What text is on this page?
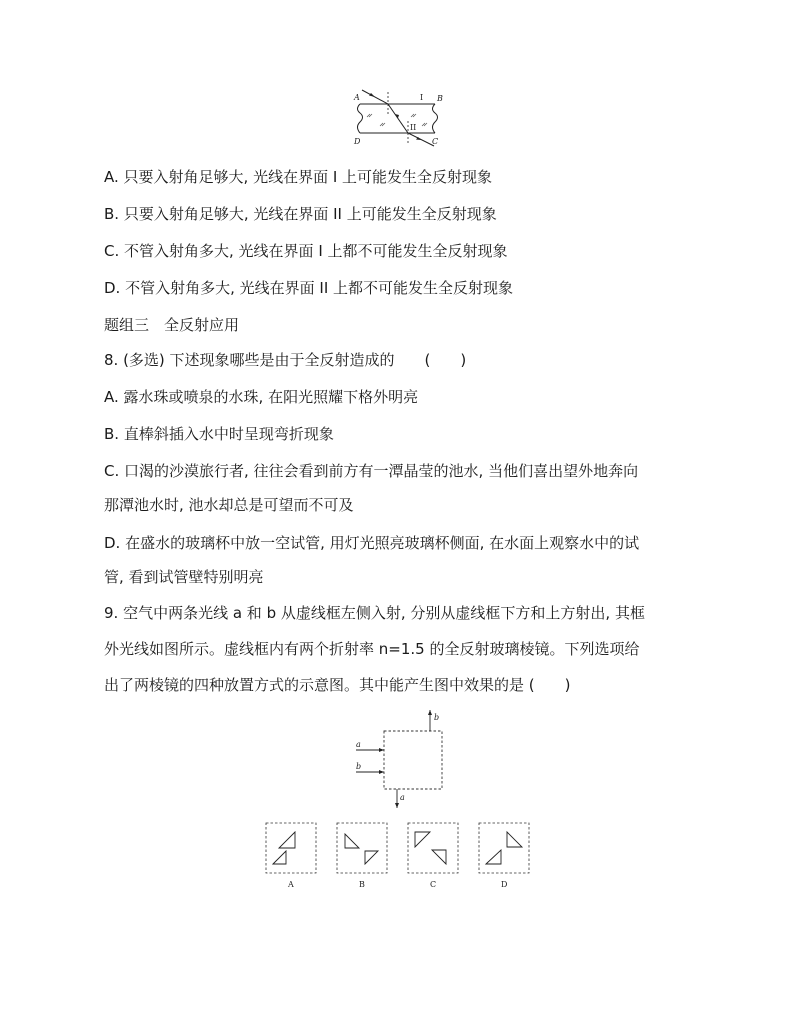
A	B
C
D
I
II
A. 只要入射角足够大, 光线在界面 I 上可能发生全反射现象
B. 只要入射角足够大, 光线在界面 II 上可能发生全反射现象
C. 不管入射角多大, 光线在界面 I 上都不可能发生全反射现象
D. 不管入射角多大, 光线在界面 II 上都不可能发生全反射现象
题组三　全反射应用
8. (多选) 下述现象哪些是由于全反射造成的　　(　　)
A. 露水珠或喷泉的水珠, 在阳光照耀下格外明亮
B. 直棒斜插入水中时呈现弯折现象
C. 口渴的沙漠旅行者, 往往会看到前方有一潭晶莹的池水, 当他们喜出望外地奔向
那潭池水时, 池水却总是可望而不可及
D. 在盛水的玻璃杯中放一空试管, 用灯光照亮玻璃杯侧面, 在水面上观察水中的试
管, 看到试管壁特别明亮
9. 空气中两条光线 a 和 b 从虚线框左侧入射, 分别从虚线框下方和上方射出, 其框
外光线如图所示。虚线框内有两个折射率 n=1.5 的全反射玻璃棱镜。下列选项给
出了两棱镜的四种放置方式的示意图。其中能产生图中效果的是 (　　)
a
b
b
a
A	B	C	D
